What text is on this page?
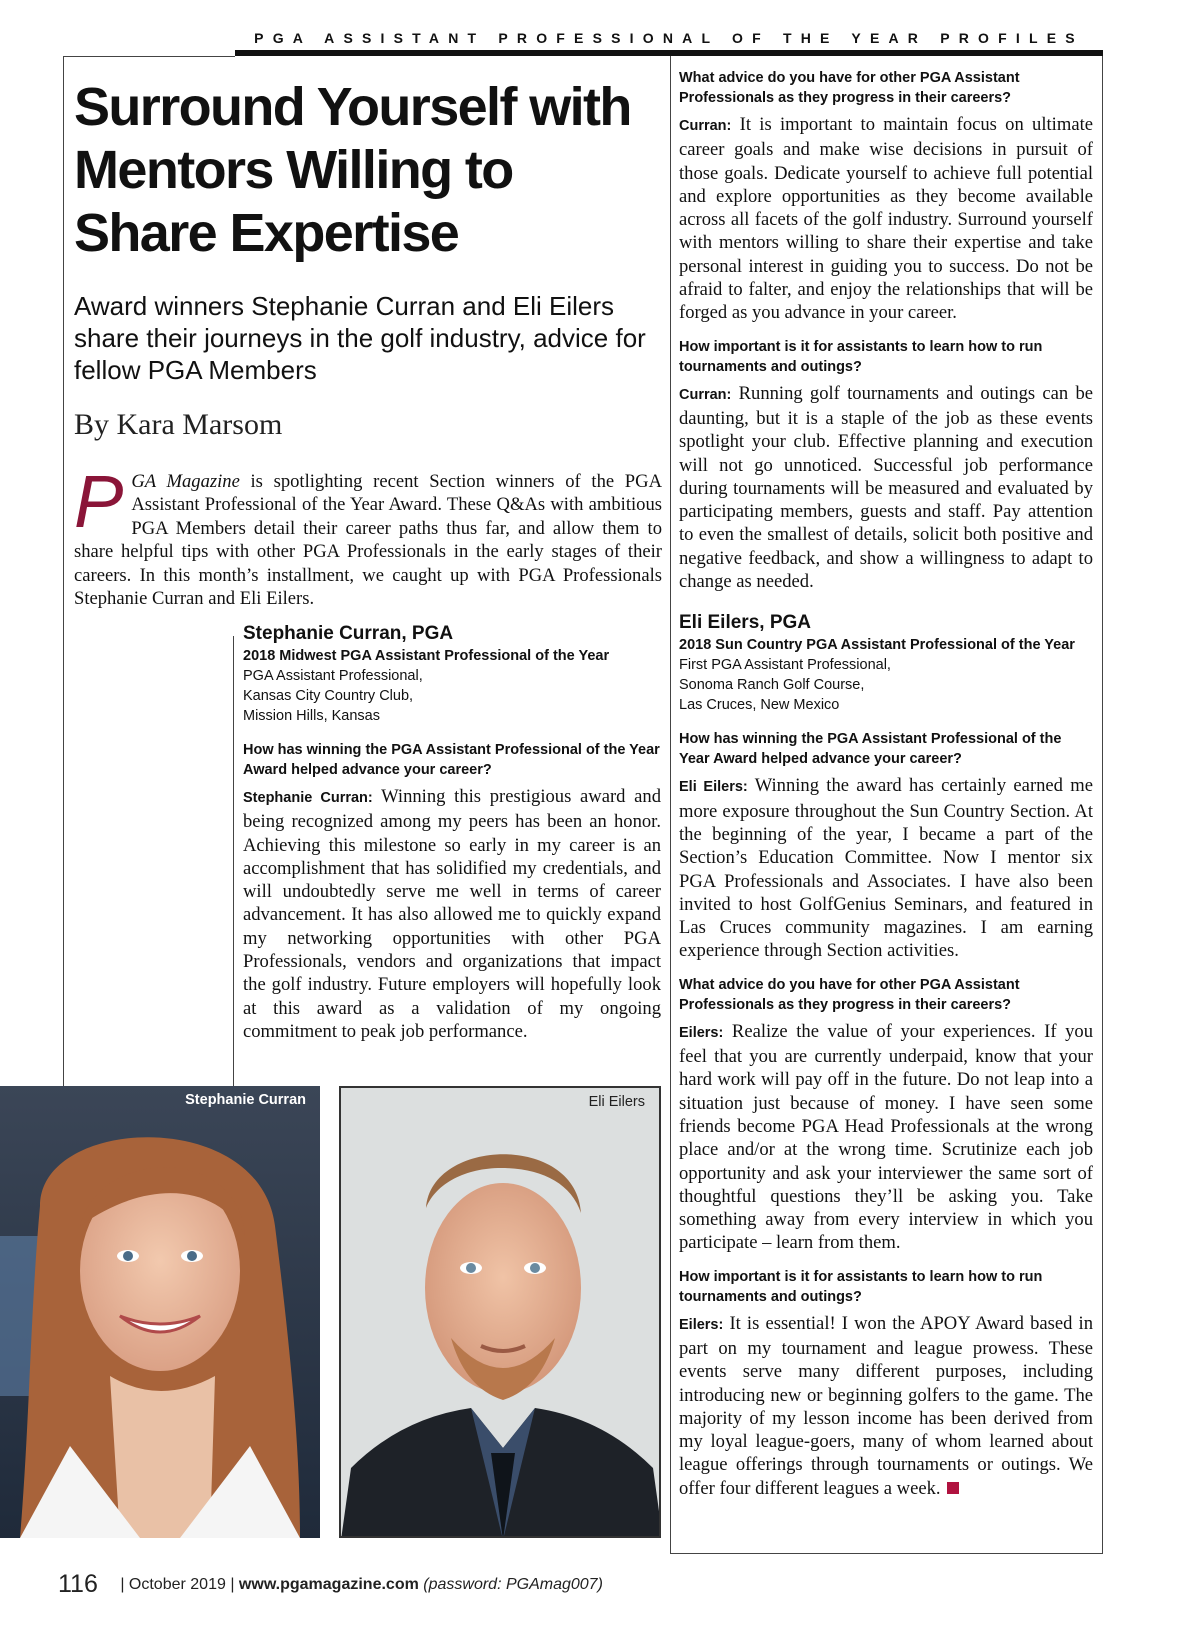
PGA ASSISTANT PROFESSIONAL OF THE YEAR PROFILES
Surround Yourself with Mentors Willing to Share Expertise
Award winners Stephanie Curran and Eli Eilers share their journeys in the golf industry, advice for fellow PGA Members
By Kara Marsom
PGA Magazine is spotlighting recent Section winners of the PGA Assistant Professional of the Year Award. These Q&As with ambitious PGA Members detail their career paths thus far, and allow them to share helpful tips with other PGA Professionals in the early stages of their careers. In this month’s installment, we caught up with PGA Professionals Stephanie Curran and Eli Eilers.
Stephanie Curran, PGA
2018 Midwest PGA Assistant Professional of the Year
PGA Assistant Professional,
Kansas City Country Club,
Mission Hills, Kansas
How has winning the PGA Assistant Professional of the Year Award helped advance your career?

Stephanie Curran: Winning this prestigious award and being recognized among my peers has been an honor. Achieving this milestone so early in my career is an accomplishment that has solidified my credentials, and will undoubtedly serve me well in terms of career advancement. It has also allowed me to quickly expand my networking opportunities with other PGA Professionals, vendors and organizations that impact the golf industry. Future employers will hopefully look at this award as a validation of my ongoing commitment to peak job performance.

What advice do you have for other PGA Assistant Professionals as they progress in their careers?

Curran: It is important to maintain focus on ultimate career goals and make wise decisions in pursuit of those goals. Dedicate yourself to achieve full potential and explore opportunities as they become available across all facets of the golf industry. Surround yourself with mentors willing to share their expertise and take personal interest in guiding you to success. Do not be afraid to falter, and enjoy the relationships that will be forged as you advance in your career.

How important is it for assistants to learn how to run tournaments and outings?

Curran: Running golf tournaments and outings can be daunting, but it is a staple of the job as these events spotlight your club. Effective planning and execution will not go unnoticed. Successful job performance during tournaments will be measured and evaluated by participating members, guests and staff. Pay attention to even the smallest of details, solicit both positive and negative feedback, and show a willingness to adapt to change as needed.

Eli Eilers, PGA
2018 Sun Country PGA Assistant Professional of the Year
First PGA Assistant Professional,
Sonoma Ranch Golf Course,
Las Cruces, New Mexico
How has winning the PGA Assistant Professional of the Year Award helped advance your career?

Eli Eilers: Winning the award has certainly earned me more exposure throughout the Sun Country Section. At the beginning of the year, I became a part of the Section’s Education Committee. Now I mentor six PGA Professionals and Associates. I have also been invited to host GolfGenius Seminars, and featured in Las Cruces community magazines. I am earning experience through Section activities.

What advice do you have for other PGA Assistant Professionals as they progress in their careers?

Eilers: Realize the value of your experiences. If you feel that you are currently underpaid, know that your hard work will pay off in the future. Do not leap into a situation just because of money. I have seen some friends become PGA Head Professionals at the wrong place and/or at the wrong time. Scrutinize each job opportunity and ask your interviewer the same sort of thoughtful questions they’ll be asking you. Take something away from every interview in which you participate – learn from them.

How important is it for assistants to learn how to run tournaments and outings?

Eilers: It is essential! I won the APOY Award based in part on my tournament and league prowess. These events serve many different purposes, including introducing new or beginning golfers to the game. The majority of my lesson income has been derived from my loyal league-goers, many of whom learned about league offerings through tournaments or outings. We offer four different leagues a week.

Stephanie Curran	Eli Eilers
116 | October 2019 | www.pgamagazine.com (password: PGAmag007)
